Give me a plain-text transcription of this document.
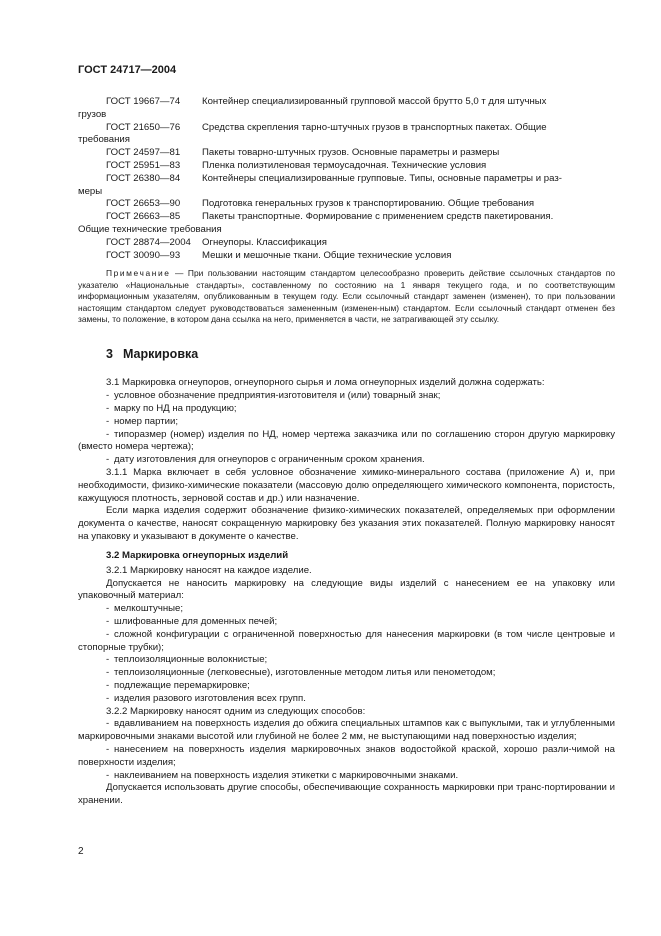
ГОСТ 24717—2004
ГОСТ 19667—74	Контейнер специализированный групповой массой брутто 5,0 т для штучных

грузов

ГОСТ 21650—76	Средства скрепления тарно-штучных грузов в транспортных пакетах. Общие

требования

ГОСТ 24597—81	Пакеты товарно-штучных грузов. Основные параметры и размеры
ГОСТ 25951—83	Пленка полиэтиленовая термоусадочная. Технические условия
ГОСТ 26380—84	Контейнеры специализированные групповые. Типы, основные параметры и раз-

меры

ГОСТ 26653—90	Подготовка генеральных грузов к транспортированию. Общие требования
ГОСТ 26663—85	Пакеты транспортные. Формирование с применением средств пакетирования.

Общие технические требования

ГОСТ 28874—2004	Огнеупоры. Классификация
ГОСТ 30090—93	Мешки и мешочные ткани. Общие технические условия

Примечание — При пользовании настоящим стандартом целесообразно проверить действие ссылочных стандартов по указателю «Национальные стандарты», составленному по состоянию на 1 января текущего года, и по соответствующим информационным указателям, опубликованным в текущем году. Если ссылочный стандарт заменен (изменен), то при пользовании настоящим стандартом следует руководствоваться замененным (изменен-ным) стандартом. Если ссылочный стандарт отменен без замены, то положение, в котором дана ссылка на него, применяется в части, не затрагивающей эту ссылку.

3 Маркировка

3.1 Маркировка огнеупоров, огнеупорного сырья и лома огнеупорных изделий должна содержать:

- условное обозначение предприятия-изготовителя и (или) товарный знак;

- марку по НД на продукцию;

- номер партии;

- типоразмер (номер) изделия по НД, номер чертежа заказчика или по соглашению сторон другую маркировку (вместо номера чертежа);

- дату изготовления для огнеупоров с ограниченным сроком хранения.

3.1.1 Марка включает в себя условное обозначение химико-минерального состава (приложение А) и, при необходимости, физико-химические показатели (массовую долю определяющего химического компонента, пористость, кажущуюся плотность, зерновой состав и др.) или назначение.

Если марка изделия содержит обозначение физико-химических показателей, определяемых при оформлении документа о качестве, наносят сокращенную маркировку без указания этих показателей. Полную маркировку наносят на упаковку и указывают в документе о качестве.

3.2 Маркировка огнеупорных изделий

3.2.1 Маркировку наносят на каждое изделие.

Допускается не наносить маркировку на следующие виды изделий с нанесением ее на упаковку или упаковочный материал:

- мелкоштучные;

- шлифованные для доменных печей;

- сложной конфигурации с ограниченной поверхностью для нанесения маркировки (в том числе центровые и стопорные трубки);

- теплоизоляционные волокнистые;

- теплоизоляционные (легковесные), изготовленные методом литья или пенометодом;

- подлежащие перемаркировке;

- изделия разового изготовления всех групп.

3.2.2 Маркировку наносят одним из следующих способов:

- вдавливанием на поверхность изделия до обжига специальных штампов как с выпуклыми, так и углубленными маркировочными знаками высотой или глубиной не более 2 мм, не выступающими над поверхностью изделия;

- нанесением на поверхность изделия маркировочных знаков водостойкой краской, хорошо разли-чимой на поверхности изделия;

- наклеиванием на поверхность изделия этикетки с маркировочными знаками.

Допускается использовать другие способы, обеспечивающие сохранность маркировки при транс-портировании и хранении.

2
